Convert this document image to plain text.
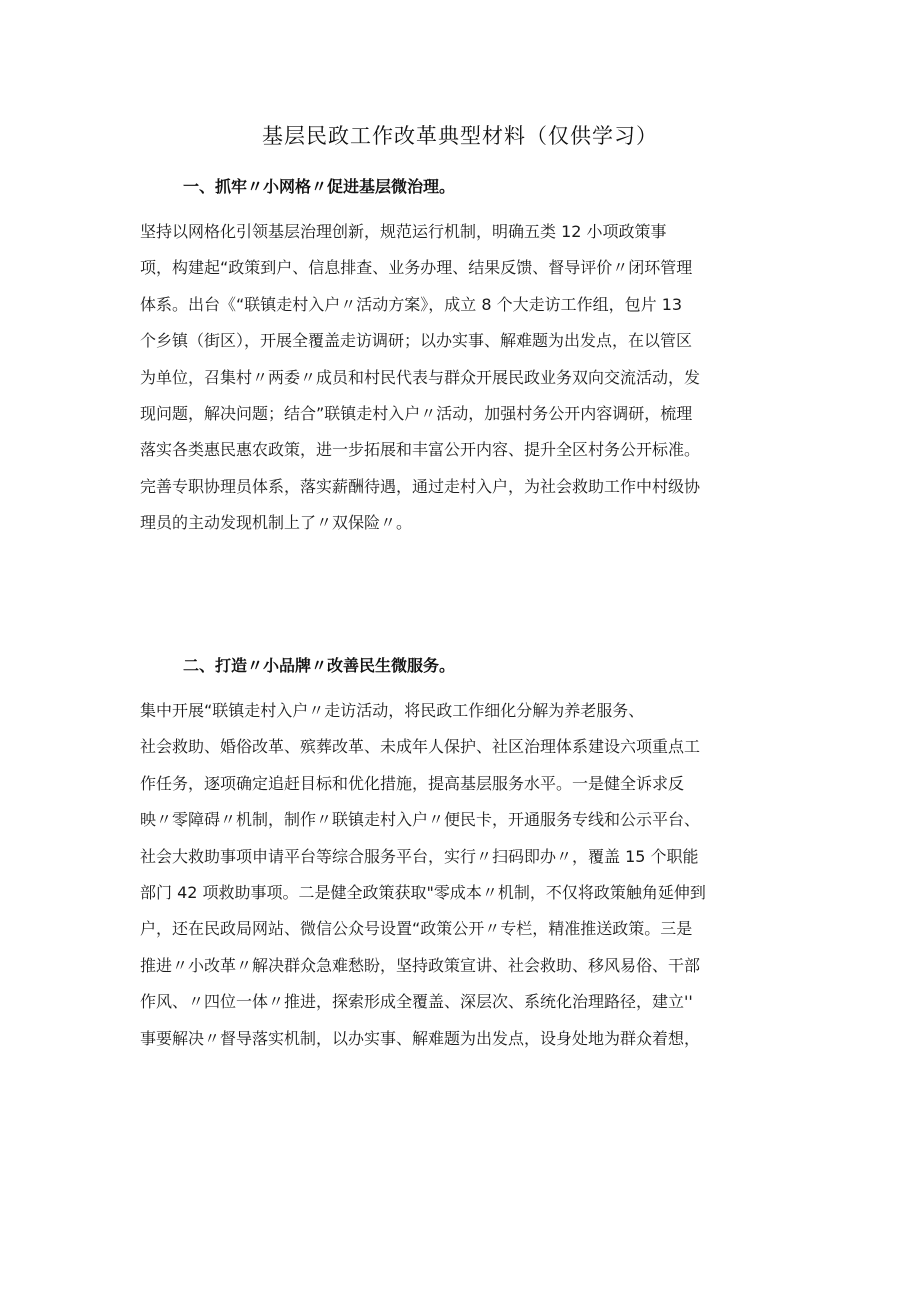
基层民政工作改革典型材料（仅供学习）
一、抓牢〃小网格〃促进基层微治理。
坚持以网格化引领基层治理创新，规范运行机制，明确五类 12 小项政策事
项，构建起“政策到户、信息排查、业务办理、结果反馈、督导评价〃闭环管理
体系。出台《“联镇走村入户〃活动方案》，成立 8 个大走访工作组，包片 13
个乡镇（街区），开展全覆盖走访调研；以办实事、解难题为出发点，在以管区
为单位，召集村〃两委〃成员和村民代表与群众开展民政业务双向交流活动，发
现问题，解决问题；结合”联镇走村入户〃活动，加强村务公开内容调研，梳理
落实各类惠民惠农政策，进一步拓展和丰富公开内容、提升全区村务公开标准。
完善专职协理员体系，落实薪酬待遇，通过走村入户，为社会救助工作中村级协
理员的主动发现机制上了〃双保险〃。
二、打造〃小品牌〃改善民生微服务。
集中开展“联镇走村入户〃走访活动，将民政工作细化分解为养老服务、
社会救助、婚俗改革、殡葬改革、未成年人保护、社区治理体系建设六项重点工
作任务，逐项确定追赶目标和优化措施，提高基层服务水平。一是健全诉求反
映〃零障碍〃机制，制作〃联镇走村入户〃便民卡，开通服务专线和公示平台、
社会大救助事项申请平台等综合服务平台，实行〃扫码即办〃，覆盖 15 个职能
部门 42 项救助事项。二是健全政策获取"零成本〃机制，不仅将政策触角延伸到
户，还在民政局网站、微信公众号设置“政策公开〃专栏，精准推送政策。三是
推进〃小改革〃解决群众急难愁盼，坚持政策宣讲、社会救助、移风易俗、干部
作风、〃四位一体〃推进，探索形成全覆盖、深层次、系统化治理路径，建立''
事要解决〃督导落实机制，以办实事、解难题为出发点，设身处地为群众着想，
